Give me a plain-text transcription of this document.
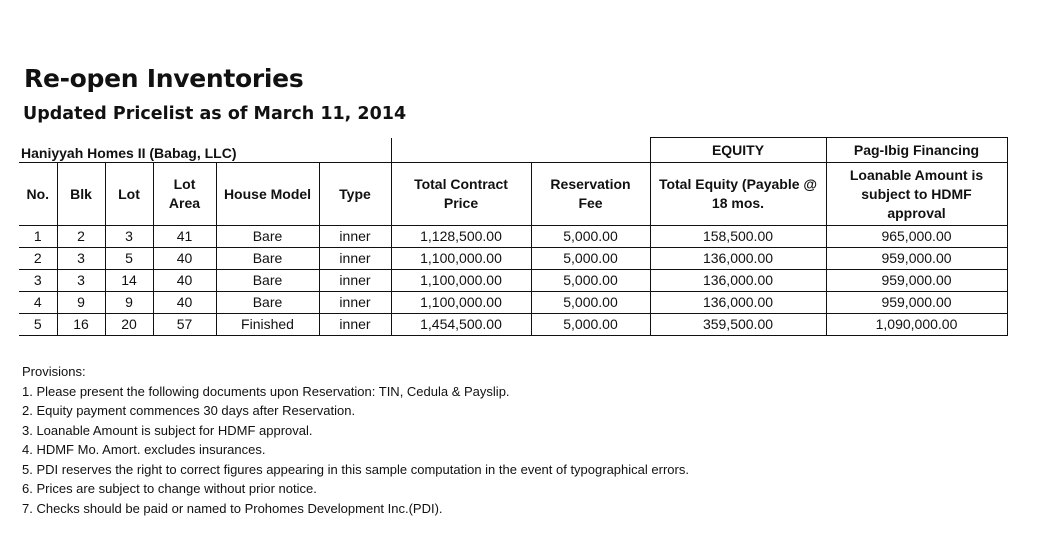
Re-open Inventories
Updated Pricelist as of March 11, 2014
Haniyyah Homes II (Babag, LLC)								EQUITY	Pag-Ibig Financing
No.	Blk	Lot	Lot Area	House Model	Type	Total Contract Price	Reservation Fee	Total Equity (Payable @ 18 mos.	Loanable Amount is subject to HDMF approval
1	2	3	41	Bare	inner	1,128,500.00	5,000.00	158,500.00	965,000.00
2	3	5	40	Bare	inner	1,100,000.00	5,000.00	136,000.00	959,000.00
3	3	14	40	Bare	inner	1,100,000.00	5,000.00	136,000.00	959,000.00
4	9	9	40	Bare	inner	1,100,000.00	5,000.00	136,000.00	959,000.00
5	16	20	57	Finished	inner	1,454,500.00	5,000.00	359,500.00	1,090,000.00
Provisions:
1. Please present the following documents upon Reservation: TIN, Cedula & Payslip.
2. Equity payment commences 30 days after Reservation.
3. Loanable Amount is subject for HDMF approval.
4. HDMF Mo. Amort. excludes insurances.
5. PDI reserves the right to correct figures appearing in this sample computation in the event of typographical errors.
6. Prices are subject to change without prior notice.
7. Checks should be paid or named to Prohomes Development Inc.(PDI).
